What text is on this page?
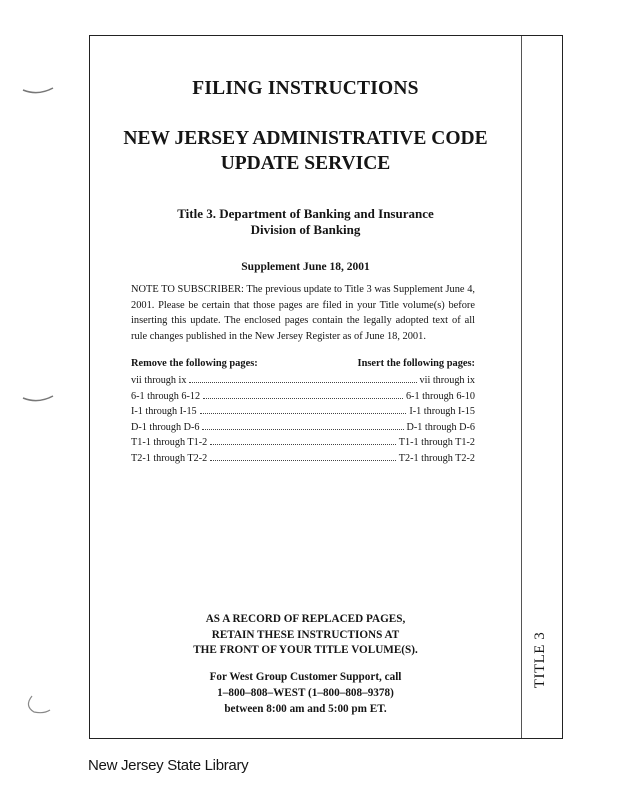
FILING INSTRUCTIONS
NEW JERSEY ADMINISTRATIVE CODE
UPDATE SERVICE
Title 3. Department of Banking and Insurance
Division of Banking
Supplement June 18, 2001
NOTE TO SUBSCRIBER: The previous update to Title 3 was Supplement June 4, 2001. Please be certain that those pages are filed in your Title volume(s) before inserting this update. The enclosed pages contain the legally adopted text of all rule changes published in the New Jersey Register as of June 18, 2001.
Remove the following pages:	Insert the following pages:
vii through ix	vii through ix
6-1 through 6-12	6-1 through 6-10
I-1 through I-15	I-1 through I-15
D-1 through D-6	D-1 through D-6
T1-1 through T1-2	T1-1 through T1-2
T2-1 through T2-2	T2-1 through T2-2
AS A RECORD OF REPLACED PAGES,
RETAIN THESE INSTRUCTIONS AT
THE FRONT OF YOUR TITLE VOLUME(S).
For West Group Customer Support, call
1–800–808–WEST (1–800–808–9378)
between 8:00 am and 5:00 pm ET.
TITLE 3
New Jersey State Library
